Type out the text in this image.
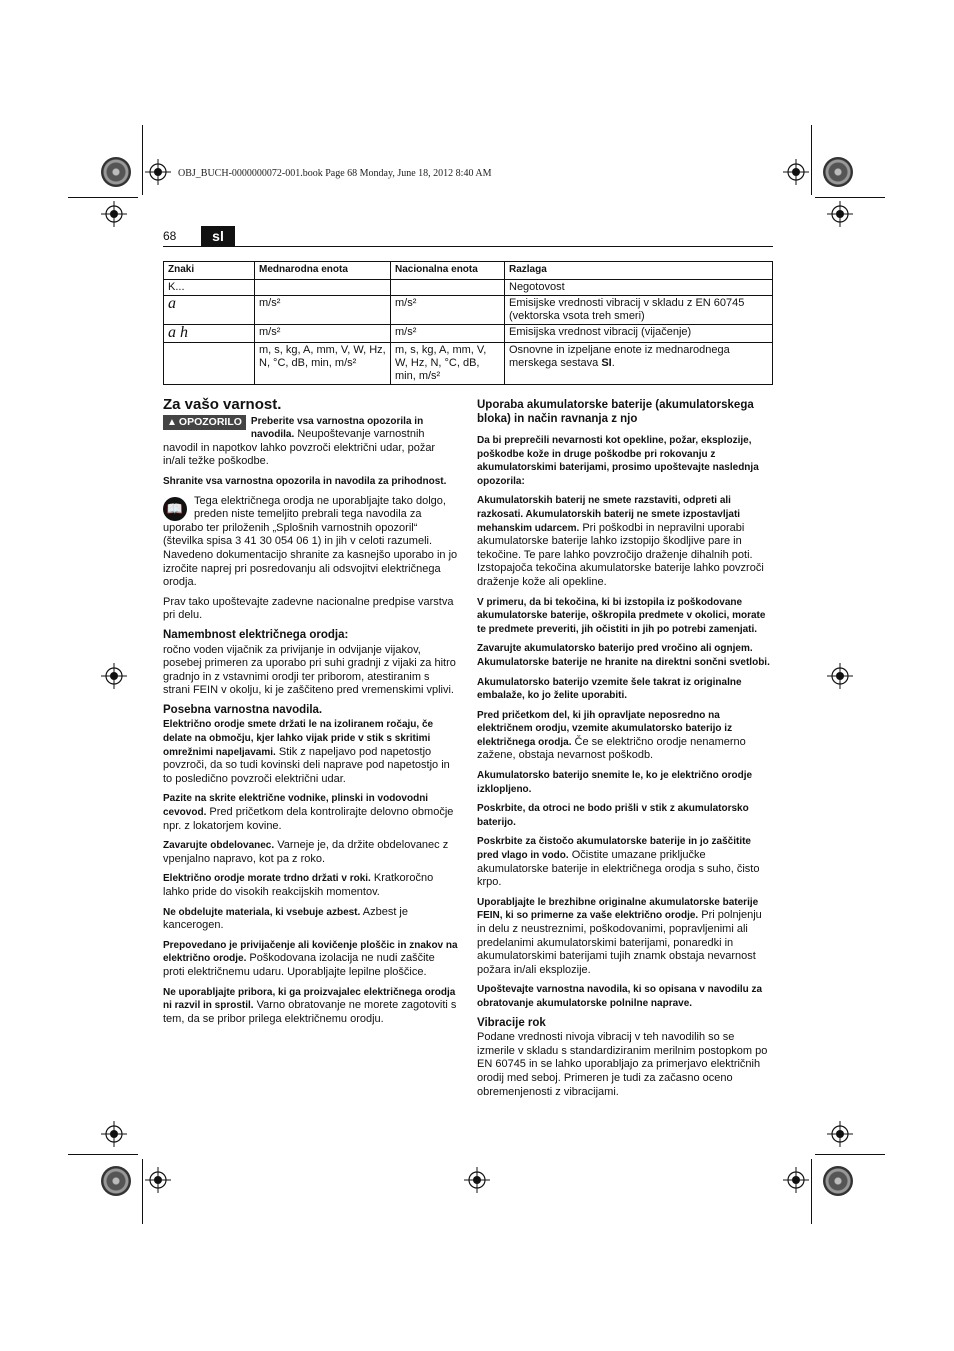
OBJ_BUCH-0000000072-001.book Page 68 Monday, June 18, 2012 8:40 AM
68	sl
Znaki	Mednarodna enota	Nacionalna enota	Razlaga
K...			Negotovost
a	m/s²	m/s²	Emisijske vrednosti vibracij v skladu z EN 60745 (vektorska vsota treh smeri)
a h	m/s²	m/s²	Emisijska vrednost vibracij (vijačenje)
	m, s, kg, A, mm, V, W, Hz, N, °C, dB, min, m/s²	m, s, kg, A, mm, V, W, Hz, N, °C, dB, min, m/s²	Osnovne in izpeljane enote iz mednarodnega merskega sestava SI.
Za vašo varnost.

▲ OPOZORILO Preberite vsa varnostna opozorila in navodila. Neupoštevanje varnostnih navodil in napotkov lahko povzroči električni udar, požar in/ali težke poškodbe.

Shranite vsa varnostna opozorila in navodila za prihodnost.

📖 Tega električnega orodja ne uporabljajte tako dolgo, preden niste temeljito prebrali tega navodila za uporabo ter priloženih „Splošnih varnostnih opozoril“ (številka spisa 3 41 30 054 06 1) in jih v celoti razumeli. Navedeno dokumentacijo shranite za kasnejšo uporabo in jo izročite naprej pri posredovanju ali odsvojitvi električnega orodja.

Prav tako upoštevajte zadevne nacionalne predpise varstva pri delu.

Namembnost električnega orodja:

ročno voden vijačnik za privijanje in odvijanje vijakov, posebej primeren za uporabo pri suhi gradnji z vijaki za hitro gradnjo in z vstavnimi orodji ter priborom, atestiranim s strani FEIN v okolju, ki je zaščiteno pred vremenskimi vplivi.

Posebna varnostna navodila.

Električno orodje smete držati le na izoliranem ročaju, če delate na območju, kjer lahko vijak pride v stik s skritimi omrežnimi napeljavami. Stik z napeljavo pod napetostjo povzroči, da so tudi kovinski deli naprave pod napetostjo in to posledično povzroči električni udar.

Pazite na skrite električne vodnike, plinski in vodovodni cevovod. Pred pričetkom dela kontrolirajte delovno območje npr. z lokatorjem kovine.

Zavarujte obdelovanec. Varneje je, da držite obdelovanec z vpenjalno napravo, kot pa z roko.

Električno orodje morate trdno držati v roki. Kratkoročno lahko pride do visokih reakcijskih momentov.

Ne obdelujte materiala, ki vsebuje azbest. Azbest je kancerogen.

Prepovedano je privijačenje ali kovičenje ploščic in znakov na električno orodje. Poškodovana izolacija ne nudi zaščite proti električnemu udaru. Uporabljajte lepilne ploščice.

Ne uporabljajte pribora, ki ga proizvajalec električnega orodja ni razvil in sprostil. Varno obratovanje ne morete zagotoviti s tem, da se pribor prilega električnemu orodju.

Uporaba akumulatorske baterije (akumulatorskega bloka) in način ravnanja z njo

Da bi preprečili nevarnosti kot opekline, požar, eksplozije, poškodbe kože in druge poškodbe pri rokovanju z akumulatorskimi baterijami, prosimo upoštevajte naslednja opozorila:

Akumulatorskih baterij ne smete razstaviti, odpreti ali razkosati. Akumulatorskih baterij ne smete izpostavljati mehanskim udarcem. Pri poškodbi in nepravilni uporabi akumulatorske baterije lahko izstopijo škodljive pare in tekočine. Te pare lahko povzročijo draženje dihalnih poti. Izstopajoča tekočina akumulatorske baterije lahko povzroči draženje kože ali opekline.

V primeru, da bi tekočina, ki bi izstopila iz poškodovane akumulatorske baterije, oškropila predmete v okolici, morate te predmete preveriti, jih očistiti in jih po potrebi zamenjati.

Zavarujte akumulatorsko baterijo pred vročino ali ognjem. Akumulatorske baterije ne hranite na direktni sončni svetlobi.

Akumulatorsko baterijo vzemite šele takrat iz originalne embalaže, ko jo želite uporabiti.

Pred pričetkom del, ki jih opravljate neposredno na električnem orodju, vzemite akumulatorsko baterijo iz električnega orodja. Če se električno orodje nenamerno zažene, obstaja nevarnost poškodb.

Akumulatorsko baterijo snemite le, ko je električno orodje izklopljeno.

Poskrbite, da otroci ne bodo prišli v stik z akumulatorsko baterijo.

Poskrbite za čistočo akumulatorske baterije in jo zaščitite pred vlago in vodo. Očistite umazane priključke akumulatorske baterije in električnega orodja s suho, čisto krpo.

Uporabljajte le brezhibne originalne akumulatorske baterije FEIN, ki so primerne za vaše električno orodje. Pri polnjenju in delu z neustreznimi, poškodovanimi, popravljenimi ali predelanimi akumulatorskimi baterijami, ponaredki in akumulatorskimi baterijami tujih znamk obstaja nevarnost požara in/ali eksplozije.

Upoštevajte varnostna navodila, ki so opisana v navodilu za obratovanje akumulatorske polnilne naprave.

Vibracije rok

Podane vrednosti nivoja vibracij v teh navodilih so se izmerile v skladu s standardiziranim merilnim postopkom po EN 60745 in se lahko uporabljajo za primerjavo električnih orodij med seboj. Primeren je tudi za začasno oceno obremenjenosti z vibracijami.
